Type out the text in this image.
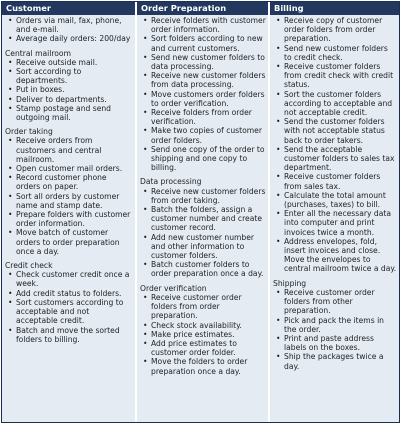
Customer
• Orders via mail, fax, phone, and e-mail.
• Average daily orders: 200/day
Central mailroom
• Receive outside mail.
• Sort according to departments.
• Put in boxes.
• Deliver to departments.
• Stamp postage and send outgoing mail.
Order taking
• Receive orders from customers and central mailroom.
• Open customer mail orders.
• Record customer phone orders on paper.
• Sort all orders by customer name and stamp date.
• Prepare folders with customer order information.
• Move batch of customer orders to order preparation once a day.
Credit check
• Check customer credit once a week.
• Add credit status to folders.
• Sort customers according to acceptable and not acceptable credit.
• Batch and move the sorted folders to billing.
Order Preparation
• Receive folders with customer order information.
• Sort folders according to new and current customers.
• Send new customer folders to data processing.
• Receive new customer folders from data processing.
• Move customers order folders to order verification.
• Receive folders from order verification.
• Make two copies of customer order folders.
• Send one copy of the order to shipping and one copy to billing.
Data processing
• Receive new customer folders from order taking.
• Batch the folders, assign a customer number and create customer record.
• Add new customer number and other information to customer folders.
• Batch customer folders to order preparation once a day.
Order verification
• Receive customer order folders from order preparation.
• Check stock availability.
• Make price estimates.
• Add price estimates to customer order folder.
• Move the folders to order preparation once a day.
Billing
• Receive copy of customer order folders from order preparation.
• Send new customer folders to credit check.
• Receive customer folders from credit check with credit status.
• Sort the customer folders according to acceptable and not acceptable credit.
• Send the customer folders with not acceptable status back to order takers.
• Send the acceptable customer folders to sales tax department.
• Receive customer folders from sales tax.
• Calculate the total amount (purchases, taxes) to bill.
• Enter all the necessary data into computer and print invoices twice a month.
• Address envelopes, fold, insert invoices and close. Move the envelopes to central mailroom twice a day.
Shipping
• Receive customer order folders from other preparation.
• Pick and pack the items in the order.
• Print and paste address labels on the boxes.
• Ship the packages twice a day.
